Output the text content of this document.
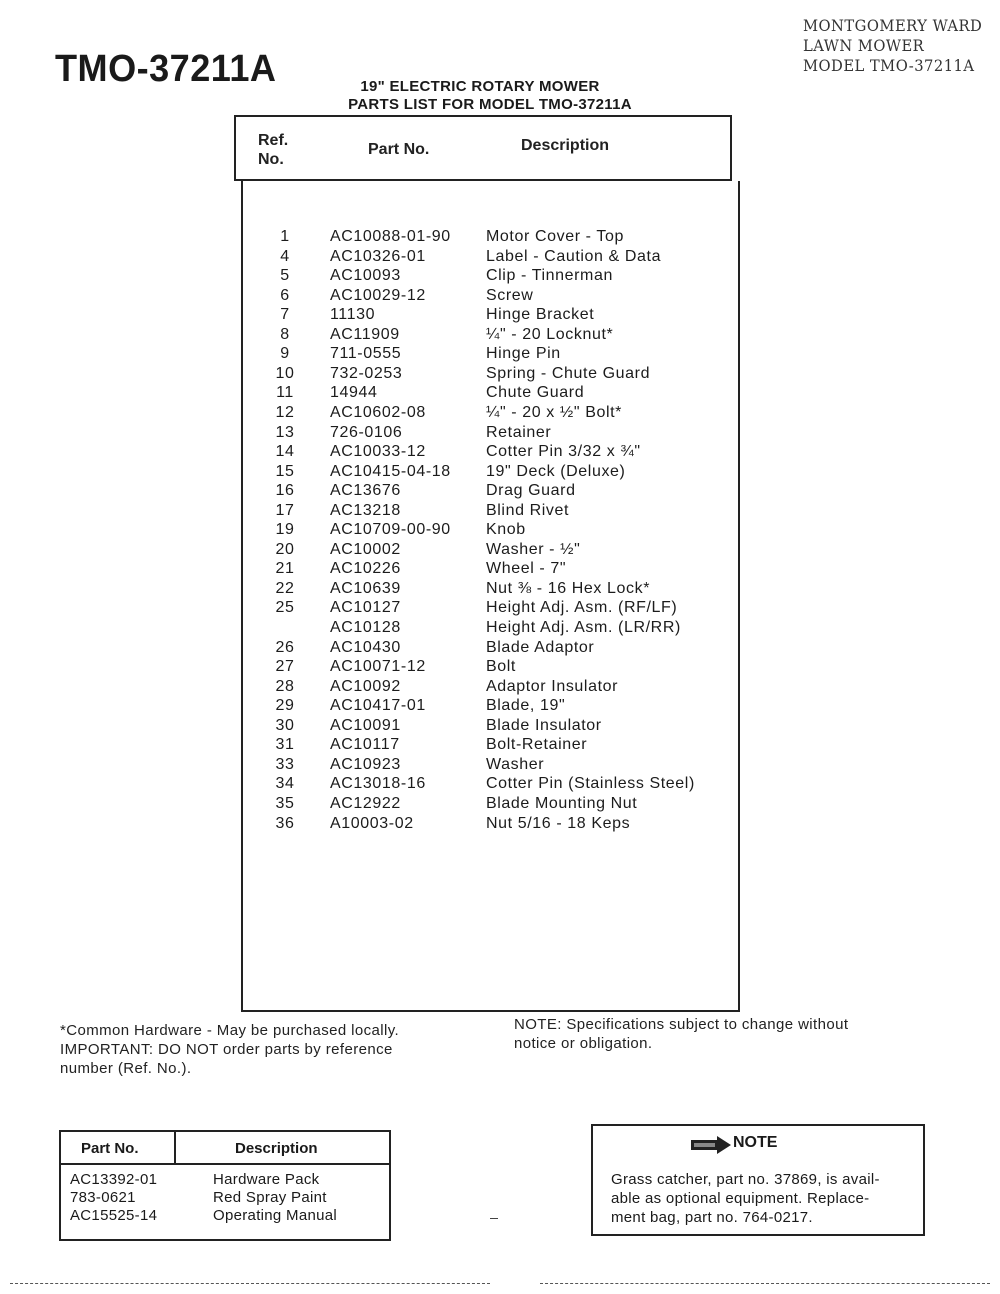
TMO-37211A
MONTGOMERY WARD
LAWN MOWER
MODEL TMO-37211A
19" ELECTRIC ROTARY MOWER
PARTS LIST FOR MODEL TMO-37211A
Ref.
No.
Part No.	Description
1	AC10088-01-90 Motor Cover - Top
4	AC10326-01	Label - Caution & Data
5	AC10093	Clip - Tinnerman
6	AC10029-12	Screw
7	11130	Hinge Bracket
8	AC11909	¼" - 20 Locknut*
9	711-0555	Hinge Pin
10	732-0253	Spring - Chute Guard
11	14944	Chute Guard
12	AC10602-08	¼" - 20 x ½" Bolt*
13	726-0106	Retainer
14	AC10033-12	Cotter Pin 3/32 x ¾"
15	AC10415-04-18 19" Deck (Deluxe)
16	AC13676	Drag Guard
17	AC13218	Blind Rivet
19	AC10709-00-90 Knob
20	AC10002	Washer - ½"
21	AC10226	Wheel - 7"
22	AC10639	Nut ⅜ - 16 Hex Lock*
25	AC10127	Height Adj. Asm. (RF/LF)
AC10128	Height Adj. Asm. (LR/RR)
26	AC10430	Blade Adaptor
27	AC10071-12	Bolt
28	AC10092	Adaptor Insulator
29	AC10417-01	Blade, 19"
30	AC10091	Blade Insulator
31	AC10117	Bolt-Retainer
33	AC10923	Washer
34	AC13018-16	Cotter Pin (Stainless Steel)
35	AC12922	Blade Mounting Nut
36	A10003-02	Nut 5/16 - 18 Keps
*Common Hardware - May be purchased locally.
IMPORTANT: DO NOT order parts by reference
number (Ref. No.).
NOTE: Specifications subject to change without
notice or obligation.
Part No.	Description
AC13392-01	Hardware Pack
783-0621	Red Spray Paint
AC15525-14	Operating Manual
NOTE
Grass catcher, part no. 37869, is avail-
able as optional equipment. Replace-
ment bag, part no. 764-0217.
